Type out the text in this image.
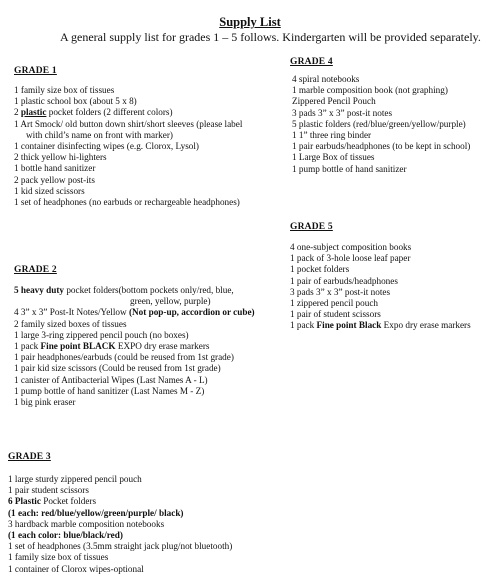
Supply List
A general supply list for grades 1 – 5 follows. Kindergarten will be provided separately.
GRADE 1
1 family size box of tissues
1 plastic school box (about 5 x 8)
2 plastic pocket folders (2 different colors)
1 Art Smock/ old button down shirt/short sleeves (please label
with child’s name on front with marker)
1 container disinfecting wipes (e.g. Clorox, Lysol)
2 thick yellow hi-lighters
1 bottle hand sanitizer
2 pack yellow post-its
1 kid sized scissors
1 set of headphones (no earbuds or rechargeable headphones)
GRADE 4
4 spiral notebooks
1 marble composition book (not graphing)
Zippered Pencil Pouch
3 pads 3” x 3” post-it notes
5 plastic folders (red/blue/green/yellow/purple)
1 1” three ring binder
1 pair earbuds/headphones (to be kept in school)
1 Large Box of tissues
1 pump bottle of hand sanitizer
GRADE 5
4 one-subject composition books
1 pack of 3-hole loose leaf paper
1 pocket folders
1 pair of earbuds/headphones
3 pads 3” x 3” post-it notes
1 zippered pencil pouch
1 pair of student scissors
1 pack Fine point Black Expo dry erase markers
GRADE 2
5 heavy duty pocket folders(bottom pockets only/red, blue,
green, yellow, purple)
4 3” x 3” Post-It Notes/Yellow (Not pop-up, accordion or cube)
2 family sized boxes of tissues
1 large 3-ring zippered pencil pouch (no boxes)
1 pack Fine point BLACK EXPO dry erase markers
1 pair headphones/earbuds (could be reused from 1st grade)
1 pair kid size scissors (Could be reused from 1st grade)
1 canister of Antibacterial Wipes (Last Names A - L)
1 pump bottle of hand sanitizer (Last Names M - Z)
1 big pink eraser
GRADE 3
1 large sturdy zippered pencil pouch
1 pair student scissors
6 Plastic Pocket folders
(1 each: red/blue/yellow/green/purple/ black)
3 hardback marble composition notebooks
(1 each color: blue/black/red)
1 set of headphones (3.5mm straight jack plug/not bluetooth)
1 family size box of tissues
1 container of Clorox wipes-optional
